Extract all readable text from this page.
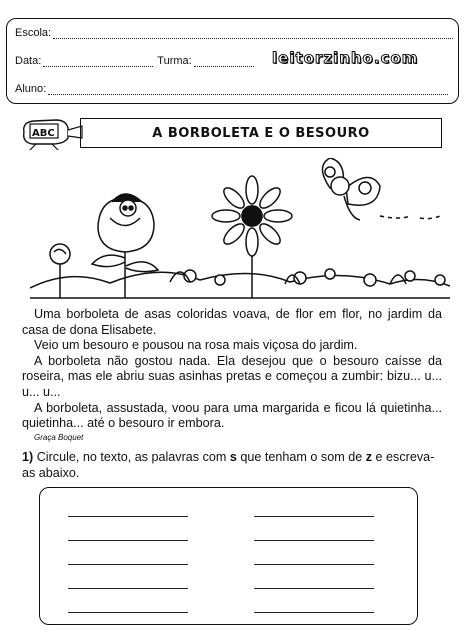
Escola:
Data:	Turma:
Aluno:
leitorzinho.com
ABC	A BORBOLETA E O BESOURO

Uma borboleta de asas coloridas voava, de flor em flor, no jardim da casa de dona Elisabete.

Veio um besouro e pousou na rosa mais viçosa do jardim.

A borboleta não gostou nada. Ela desejou que o besouro caísse da roseira, mas ele abriu suas asinhas pretas e começou a zumbir: bizu... u... u... u...

A borboleta, assustada, voou para uma margarida e ficou lá quietinha... quietinha... até o besouro ir embora.

Graça Boquet
1) Circule, no texto, as palavras com s que tenham o som de z e escreva-as abaixo.
